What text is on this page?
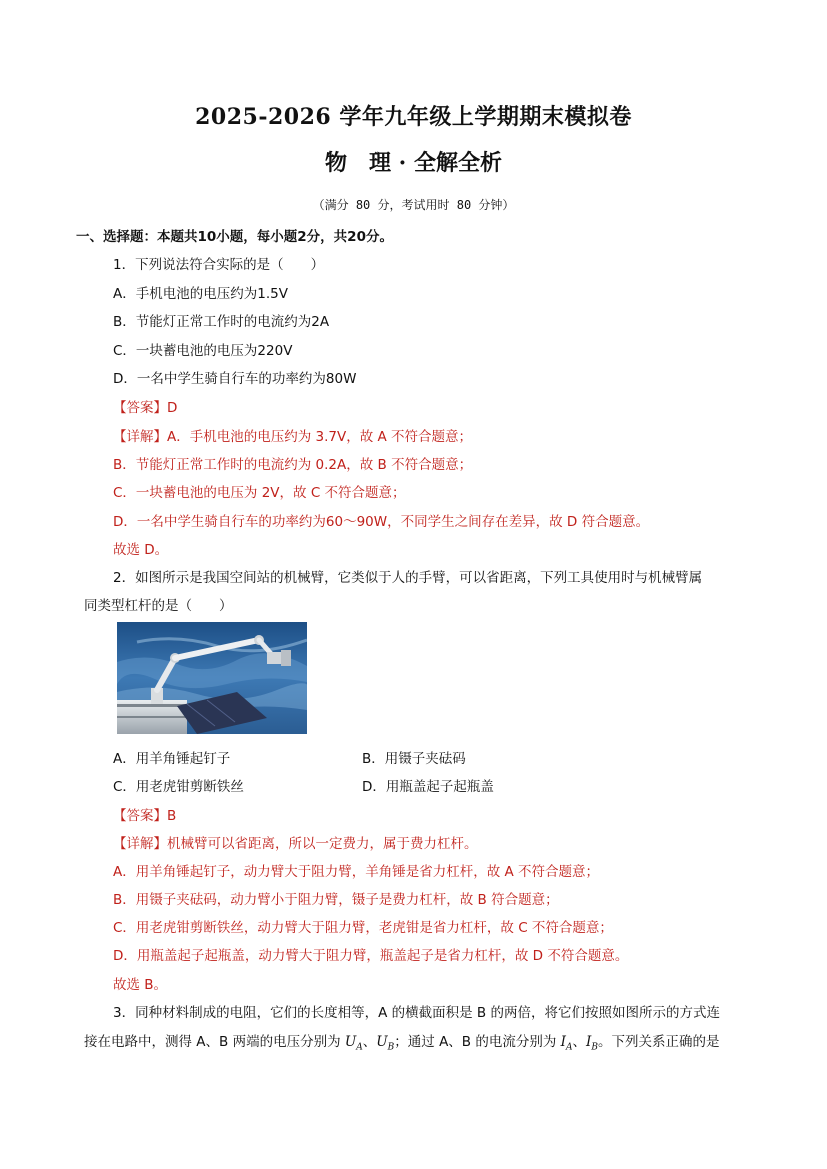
2025-2026 学年九年级上学期期末模拟卷
物　理 · 全解全析
（满分 80 分，考试用时 80 分钟）
一、选择题：本题共10小题，每小题2分，共20分。
1．下列说法符合实际的是（　　）
A．手机电池的电压约为1.5V
B．节能灯正常工作时的电流约为2A
C．一块蓄电池的电压为220V
D．一名中学生骑自行车的功率约为80W
【答案】D
【详解】A．手机电池的电压约为 3.7V，故 A 不符合题意；
B．节能灯正常工作时的电流约为 0.2A，故 B 不符合题意；
C．一块蓄电池的电压为 2V，故 C 不符合题意；
D．一名中学生骑自行车的功率约为60～90W，不同学生之间存在差异，故 D 符合题意。
故选 D。
2．如图所示是我国空间站的机械臂，它类似于人的手臂，可以省距离，下列工具使用时与机械臂属
同类型杠杆的是（　　）
A．用羊角锤起钉子	B．用镊子夹砝码
C．用老虎钳剪断铁丝	D．用瓶盖起子起瓶盖
【答案】B
【详解】机械臂可以省距离，所以一定费力，属于费力杠杆。
A．用羊角锤起钉子，动力臂大于阻力臂，羊角锤是省力杠杆，故 A 不符合题意；
B．用镊子夹砝码，动力臂小于阻力臂，镊子是费力杠杆，故 B 符合题意；
C．用老虎钳剪断铁丝，动力臂大于阻力臂，老虎钳是省力杠杆，故 C 不符合题意；
D．用瓶盖起子起瓶盖，动力臂大于阻力臂，瓶盖起子是省力杠杆，故 D 不符合题意。
故选 B。
3．同种材料制成的电阻，它们的长度相等，A 的横截面积是 B 的两倍，将它们按照如图所示的方式连
接在电路中，测得 A、B 两端的电压分别为 $U_A$、$U_B$；通过 A、B 的电流分别为 $I_A$、$I_B$。下列关系正确的是
